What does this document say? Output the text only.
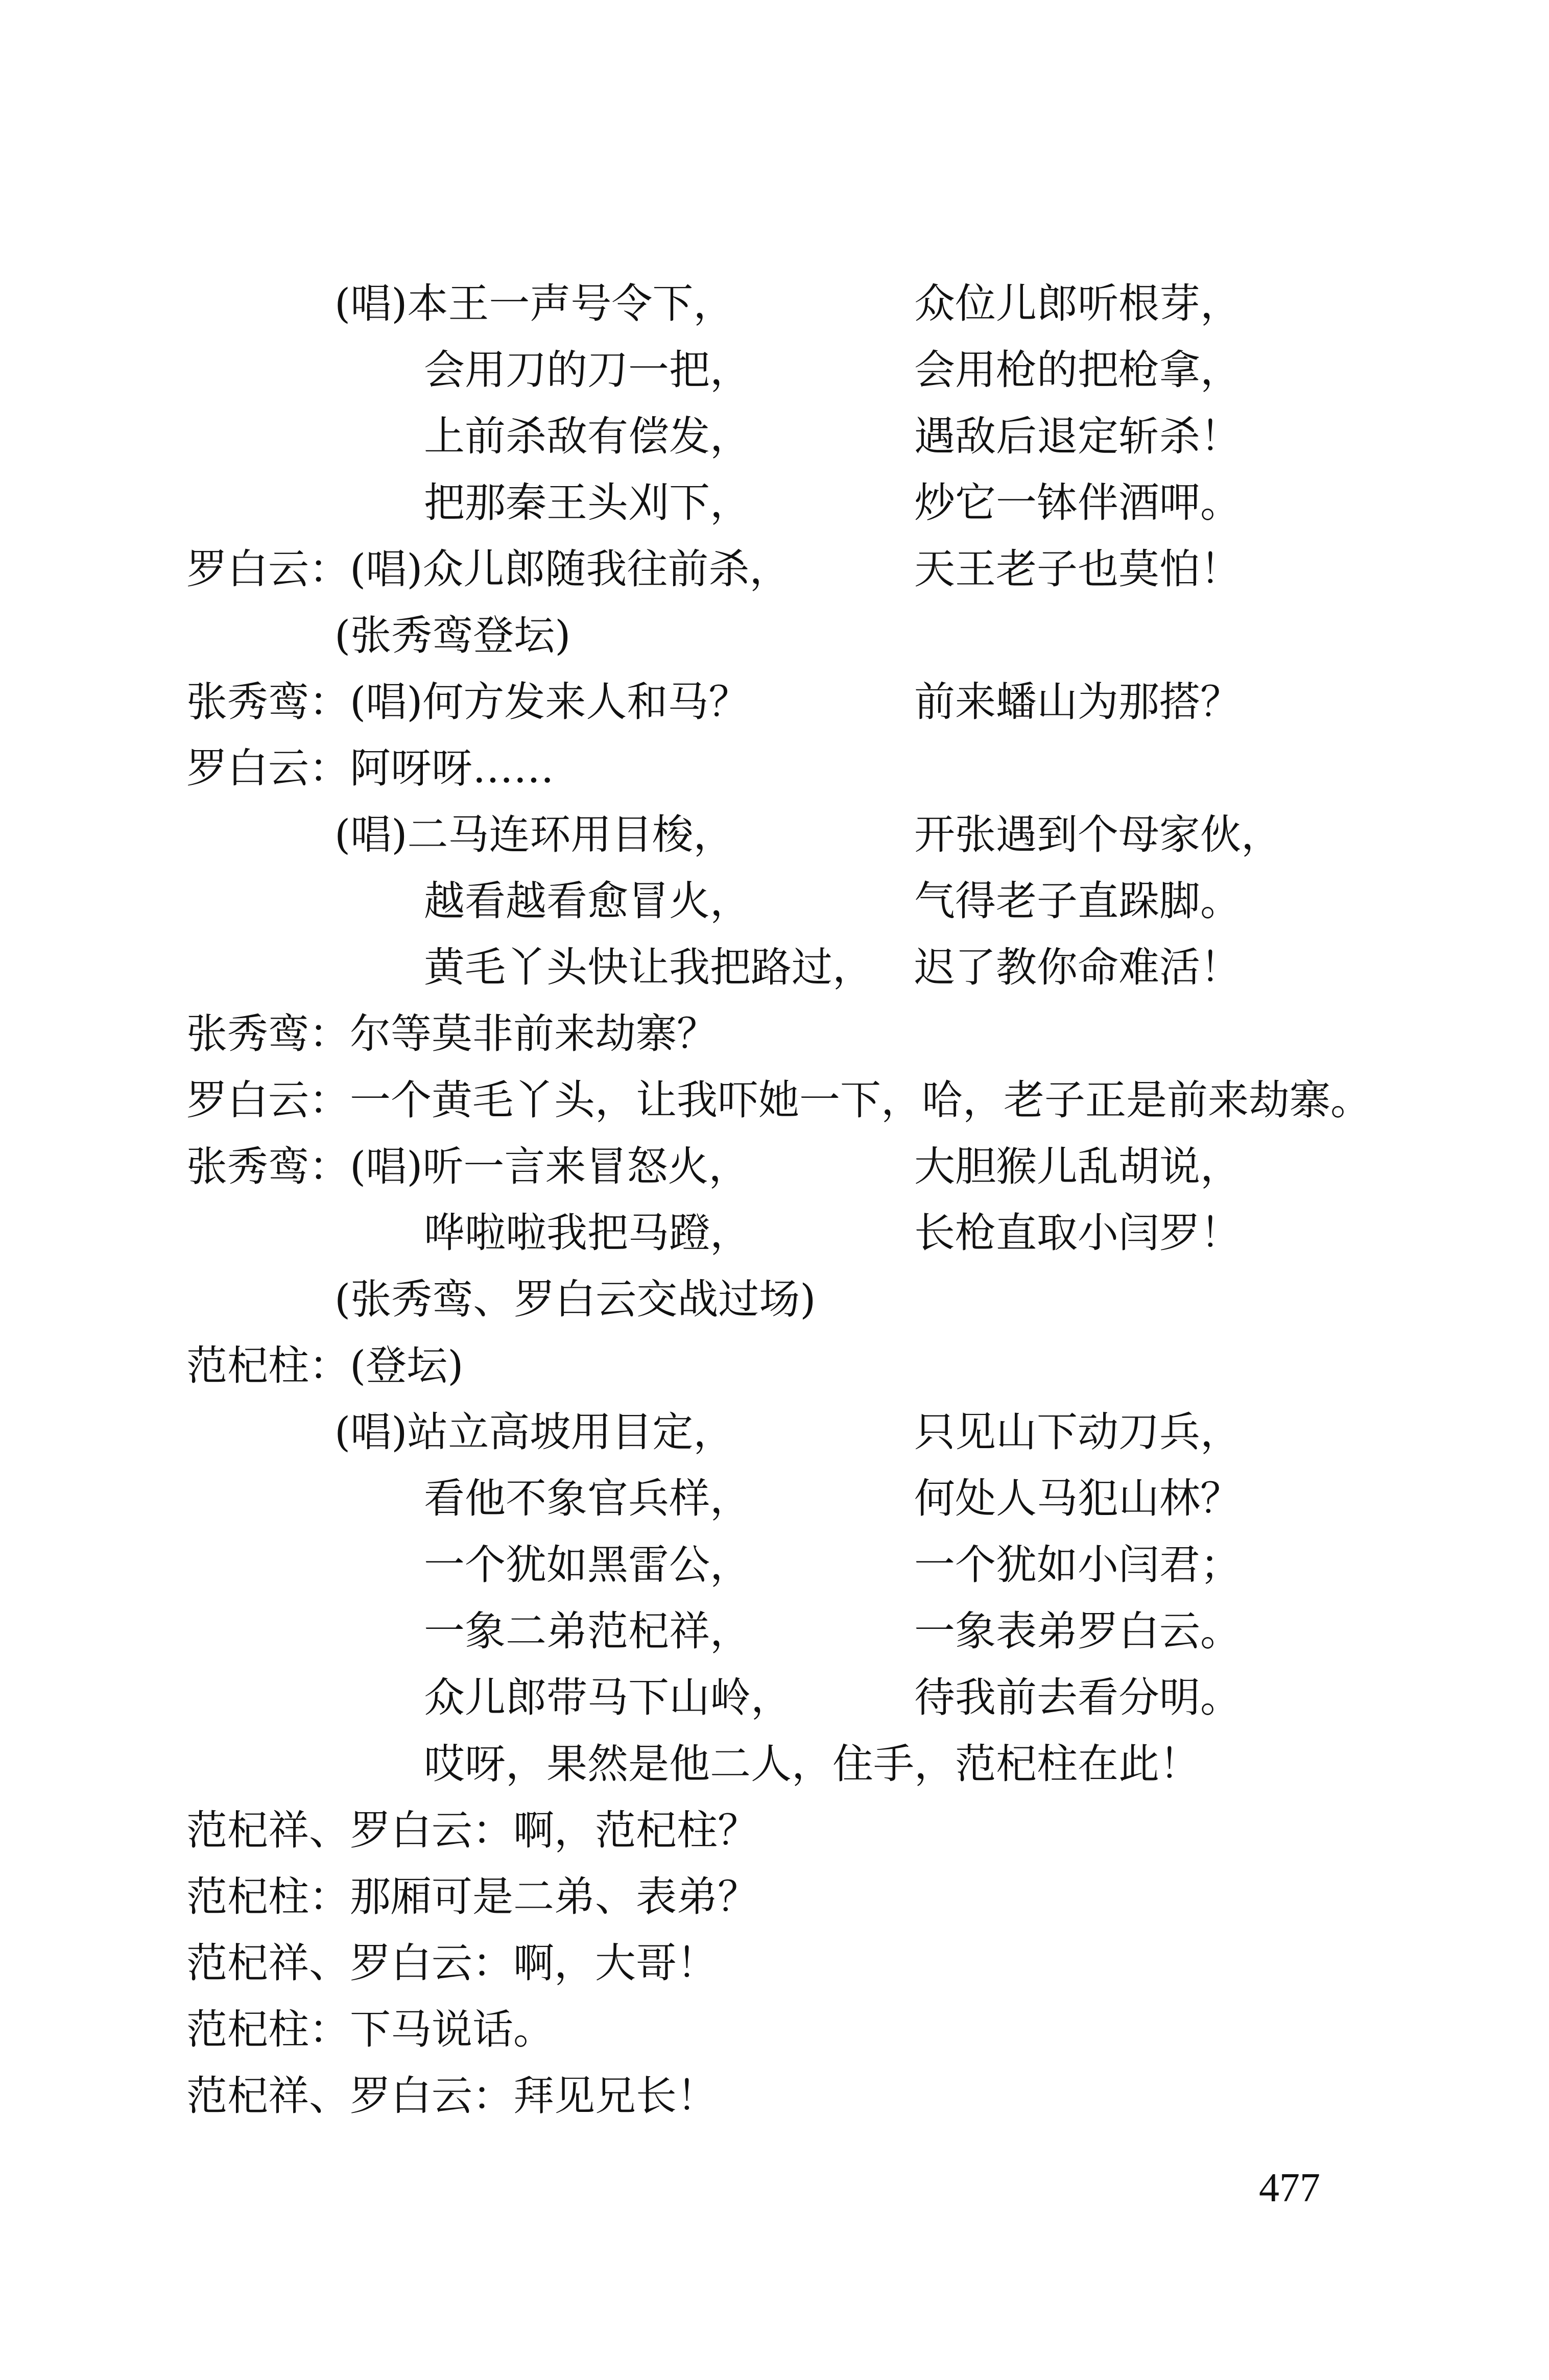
(唱)本王一声号令下，	众位儿郎听根芽，
会用刀的刀一把，	会用枪的把枪拿，
上前杀敌有偿发，	遇敌后退定斩杀！
把那秦王头刈下，	炒它一钵伴酒呷。
罗白云：(唱)众儿郎随我往前杀，	天王老子也莫怕！
(张秀鸾登坛)
张秀鸾：(唱)何方发来人和马？	前来蟠山为那搭？
罗白云：阿呀呀……
(唱)二马连环用目梭，	开张遇到个母家伙，
越看越看愈冒火，	气得老子直跺脚。
黄毛丫头快让我把路过， 迟了教你命难活！
张秀鸾：尔等莫非前来劫寨？
罗白云：一个黄毛丫头，让我吓她一下，哈，老子正是前来劫寨。
张秀鸾：(唱)听一言来冒怒火，	大胆猴儿乱胡说，
哗啦啦我把马蹬，	长枪直取小闫罗！
(张秀鸾、罗白云交战过场)
范杞柱：(登坛)
(唱)站立高坡用目定，	只见山下动刀兵，
看他不象官兵样，	何处人马犯山林？
一个犹如黑雷公，	一个犹如小闫君；
一象二弟范杞祥，	一象表弟罗白云。
众儿郎带马下山岭，	待我前去看分明。
哎呀，果然是他二人，住手，范杞柱在此！
范杞祥、罗白云：啊，范杞柱？
范杞柱：那厢可是二弟、表弟？
范杞祥、罗白云：啊，大哥！
范杞柱：下马说话。
范杞祥、罗白云：拜见兄长！
477
